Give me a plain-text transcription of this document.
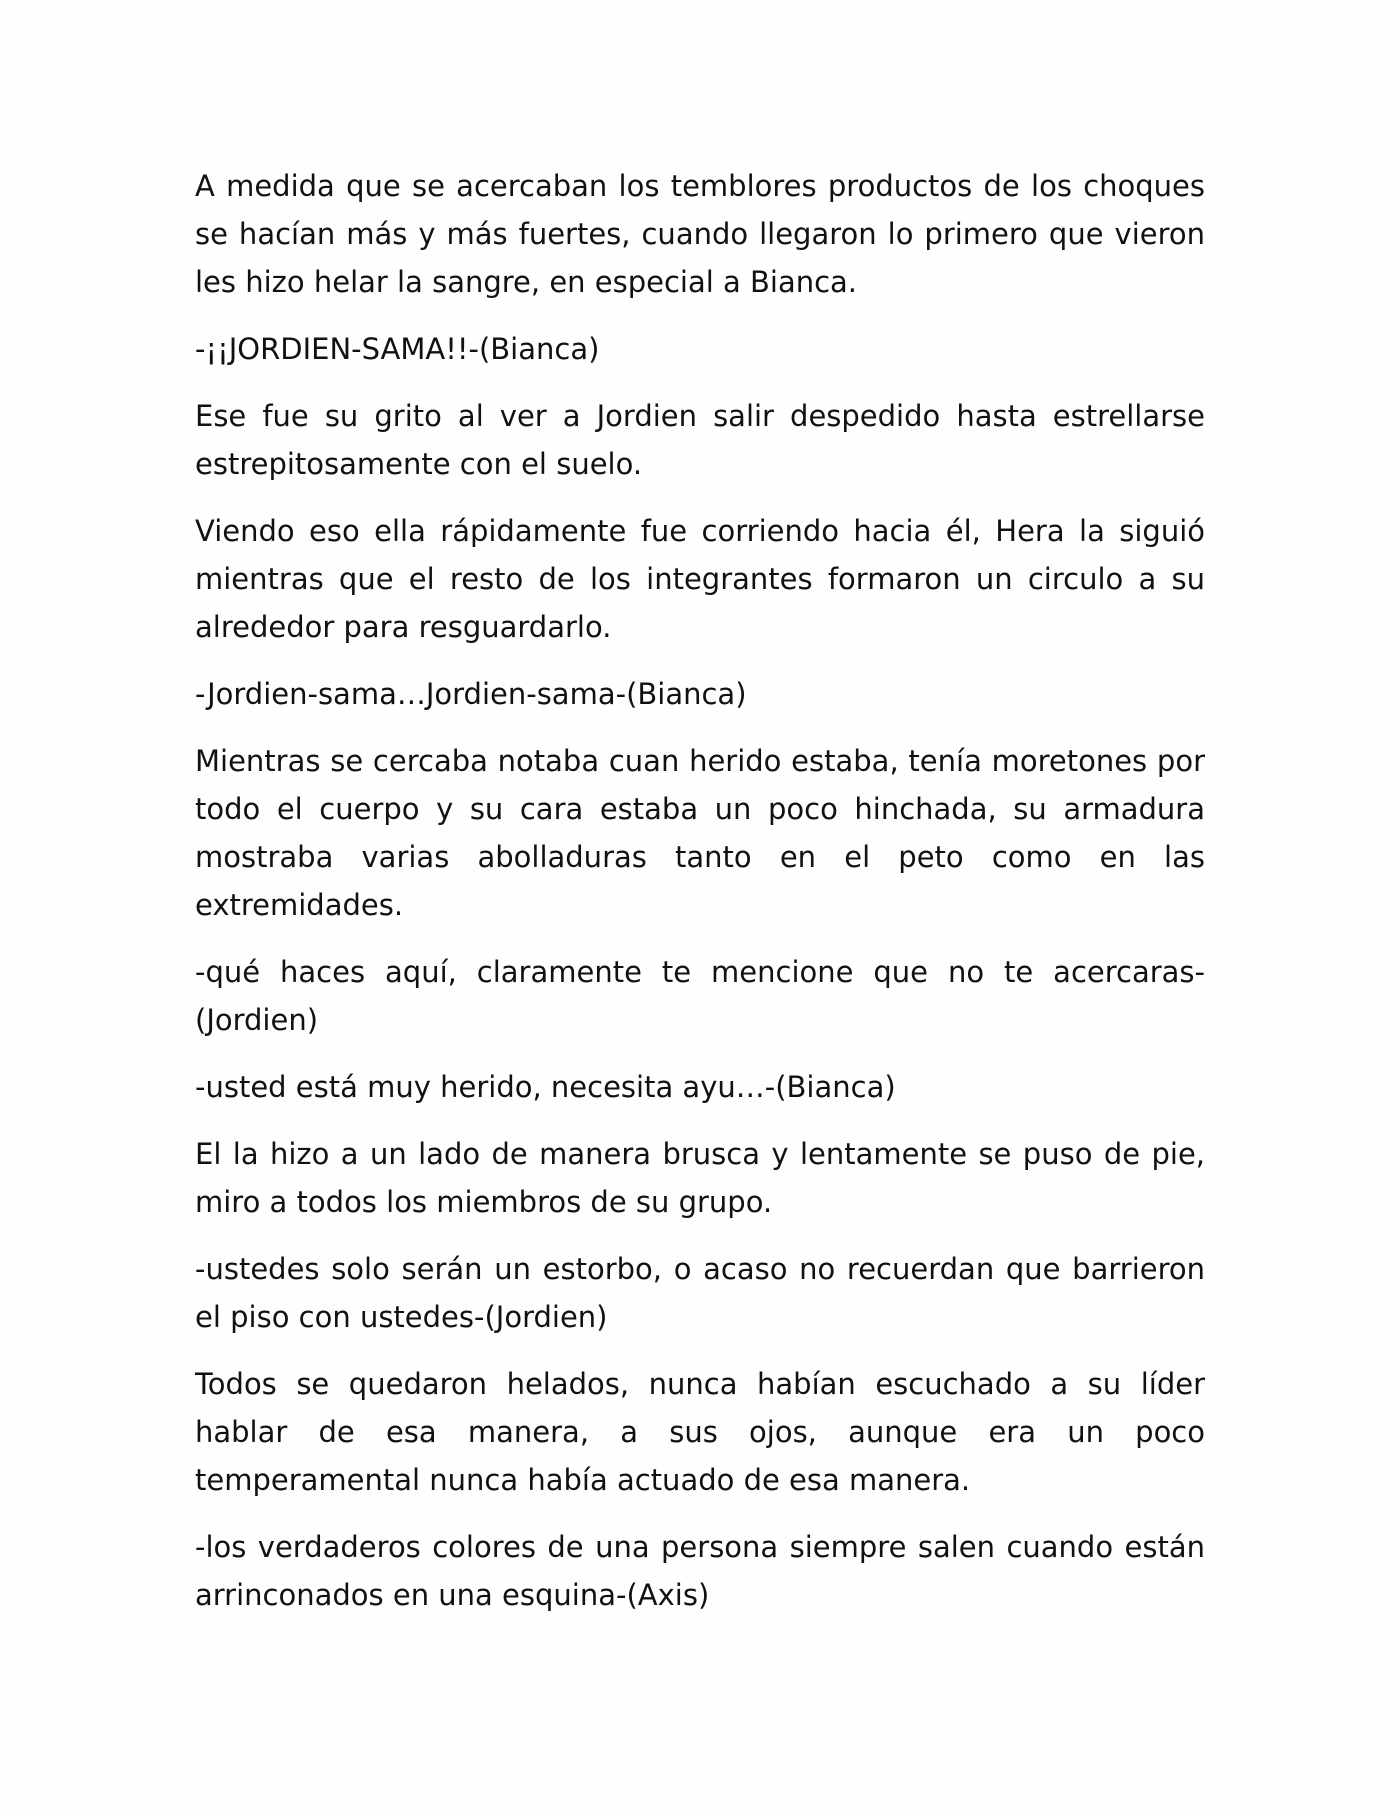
A medida que se acercaban los temblores productos de los choques se hacían más y más fuertes, cuando llegaron lo primero que vieron les hizo helar la sangre, en especial a Bianca.

-¡¡JORDIEN-SAMA!!-(Bianca)

Ese fue su grito al ver a Jordien salir despedido hasta estrellarse estrepitosamente con el suelo.

Viendo eso ella rápidamente fue corriendo hacia él, Hera la siguió mientras que el resto de los integrantes formaron un circulo a su alrededor para resguardarlo.

-Jordien-sama…Jordien-sama-(Bianca)

Mientras se cercaba notaba cuan herido estaba, tenía moretones por todo el cuerpo y su cara estaba un poco hinchada, su armadura mostraba varias abolladuras tanto en el peto como en las extremidades.

-qué haces aquí, claramente te mencione que no te acercaras-(Jordien)

-usted está muy herido, necesita ayu…-(Bianca)

El la hizo a un lado de manera brusca y lentamente se puso de pie, miro a todos los miembros de su grupo.

-ustedes solo serán un estorbo, o acaso no recuerdan que barrieron el piso con ustedes-(Jordien)

Todos se quedaron helados, nunca habían escuchado a su líder hablar de esa manera, a sus ojos, aunque era un poco temperamental nunca había actuado de esa manera.

-los verdaderos colores de una persona siempre salen cuando están arrinconados en una esquina-(Axis)
